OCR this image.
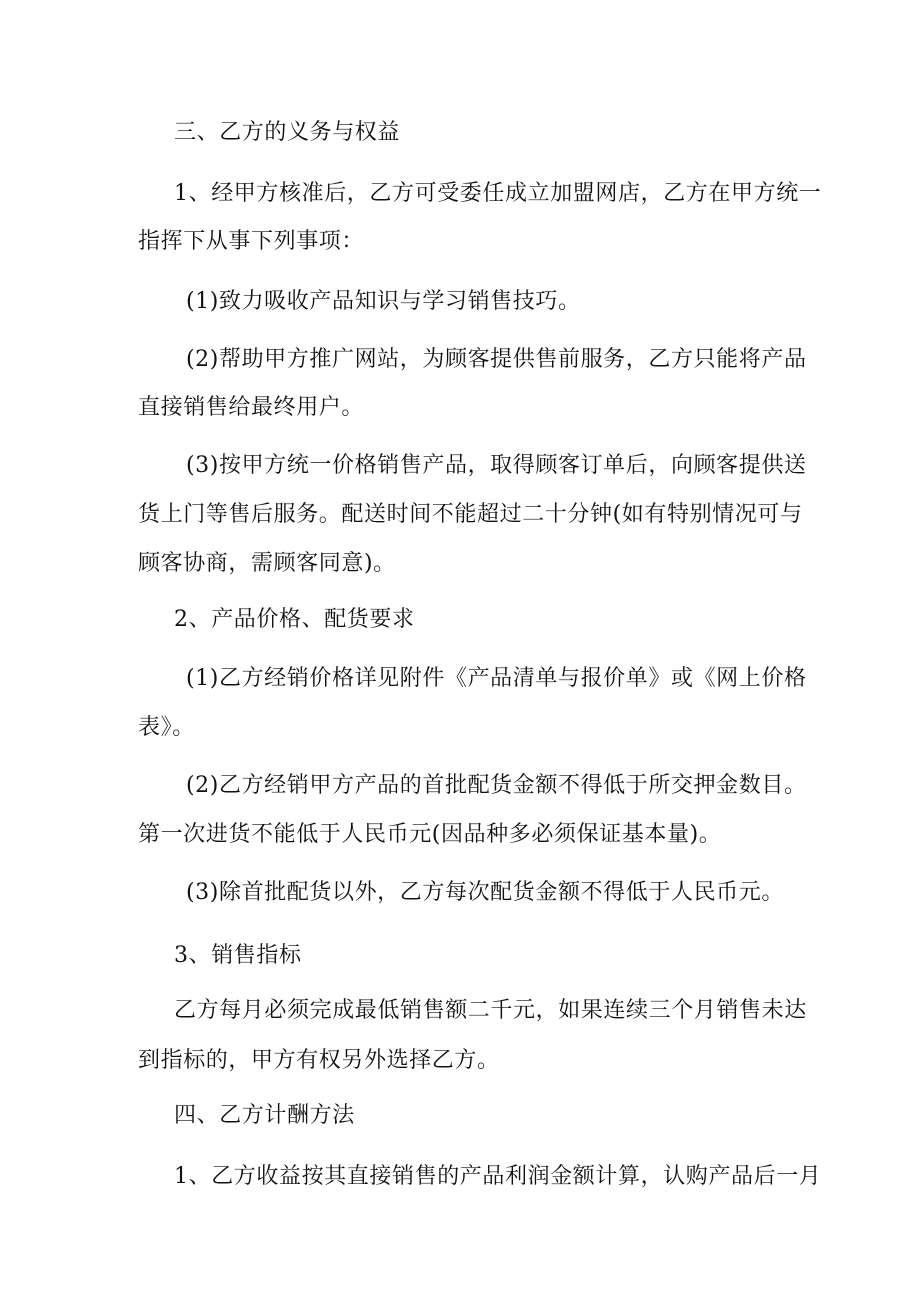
三、乙方的义务与权益
1、经甲方核准后，乙方可受委任成立加盟网店，乙方在甲方统一
指挥下从事下列事项：
(1)致力吸收产品知识与学习销售技巧。
(2)帮助甲方推广网站，为顾客提供售前服务，乙方只能将产品
直接销售给最终用户。
(3)按甲方统一价格销售产品，取得顾客订单后，向顾客提供送
货上门等售后服务。配送时间不能超过二十分钟(如有特别情况可与
顾客协商，需顾客同意)。
2、产品价格、配货要求
(1)乙方经销价格详见附件《产品清单与报价单》或《网上价格
表》。
(2)乙方经销甲方产品的首批配货金额不得低于所交押金数目。
第一次进货不能低于人民币元(因品种多必须保证基本量)。
(3)除首批配货以外，乙方每次配货金额不得低于人民币元。
3、销售指标
乙方每月必须完成最低销售额二千元，如果连续三个月销售未达
到指标的，甲方有权另外选择乙方。
四、乙方计酬方法
1、乙方收益按其直接销售的产品利润金额计算，认购产品后一月
